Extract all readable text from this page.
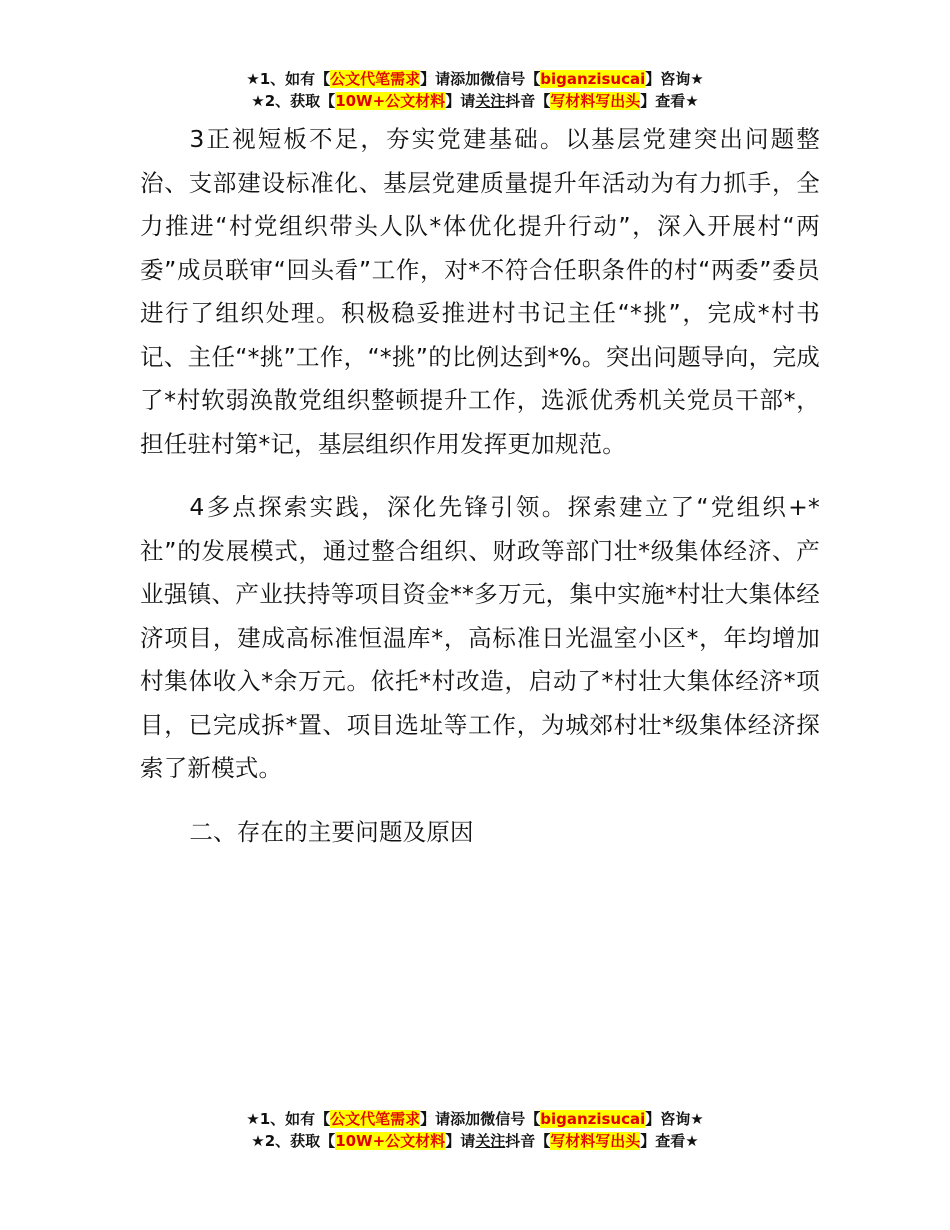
★1、如有【公文代笔需求】请添加微信号【biganzisucai】咨询★
★2、获取【10W+公文材料】请关注抖音【写材料写出头】查看★

3正视短板不足，夯实党建基础。以基层党建突出问题整治、支部建设标准化、基层党建质量提升年活动为有力抓手，全力推进“村党组织带头人队*体优化提升行动”，深入开展村“两委”成员联审“回头看”工作，对*不符合任职条件的村“两委”委员进行了组织处理。积极稳妥推进村书记主任“*挑”，完成*村书记、主任“*挑”工作，“*挑”的比例达到*%。突出问题导向，完成了*村软弱涣散党组织整顿提升工作，选派优秀机关党员干部*，担任驻村第*记，基层组织作用发挥更加规范。

4多点探索实践，深化先锋引领。探索建立了“党组织+*社”的发展模式，通过整合组织、财政等部门壮*级集体经济、产业强镇、产业扶持等项目资金**多万元，集中实施*村壮大集体经济项目，建成高标准恒温库*，高标准日光温室小区*，年均增加村集体收入*余万元。依托*村改造，启动了*村壮大集体经济*项目，已完成拆*置、项目选址等工作，为城郊村壮*级集体经济探索了新模式。

二、存在的主要问题及原因

★1、如有【公文代笔需求】请添加微信号【biganzisucai】咨询★
★2、获取【10W+公文材料】请关注抖音【写材料写出头】查看★
